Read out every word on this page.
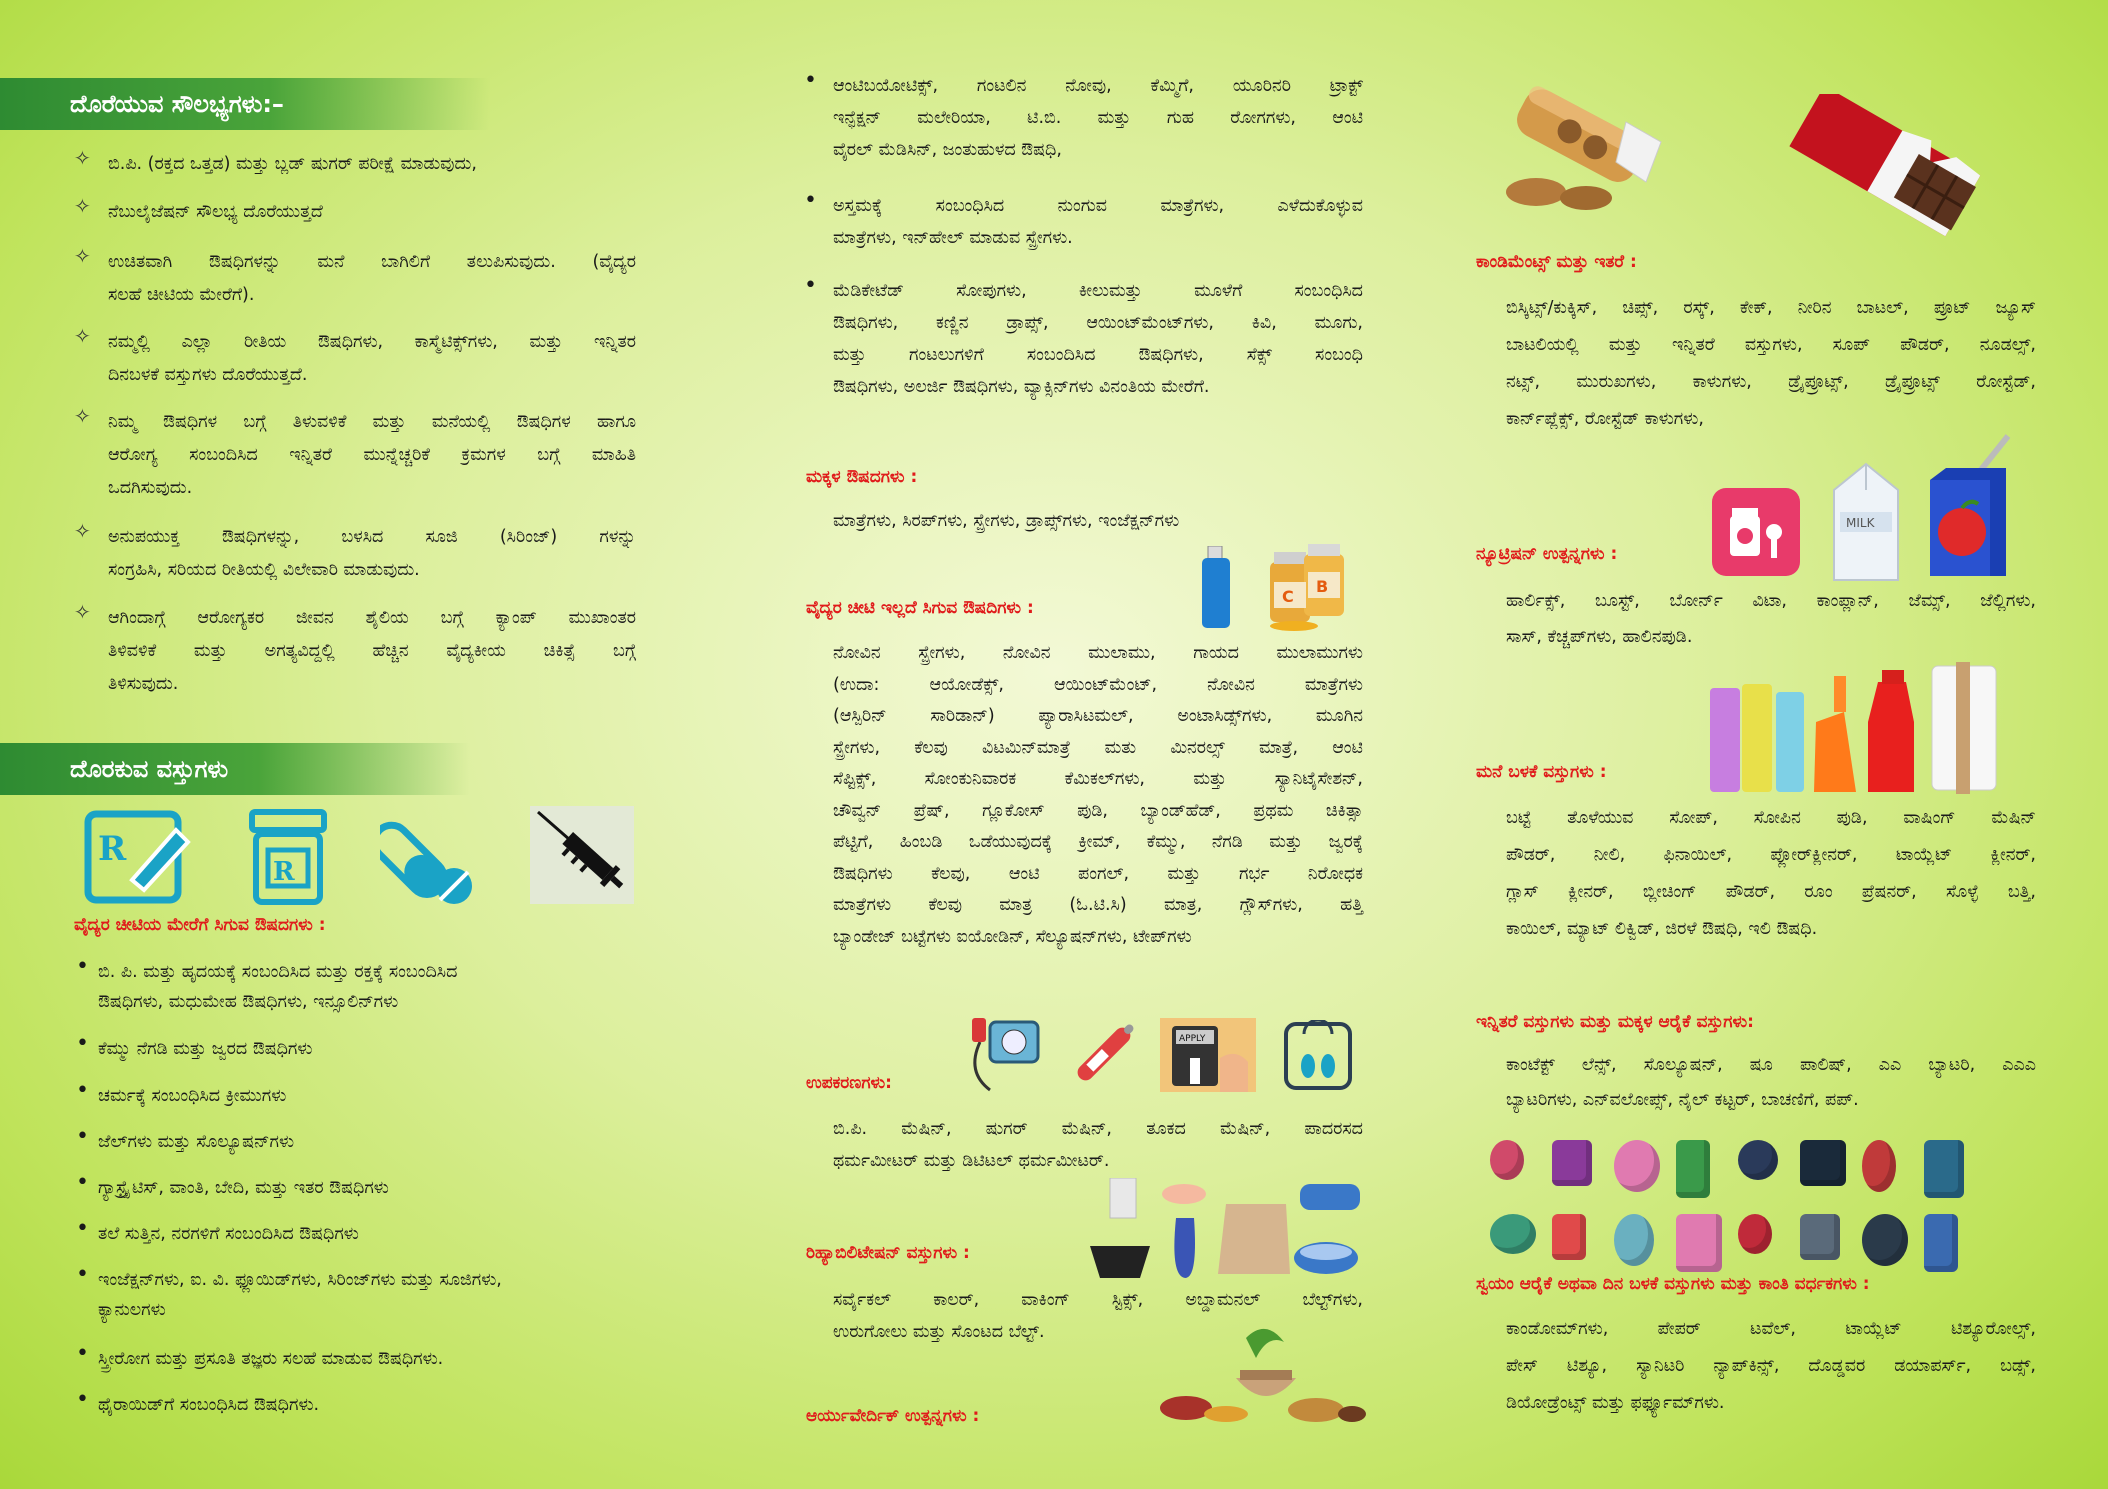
ದೊರೆಯುವ ಸೌಲಭ್ಯಗಳು:–
✧ ಬಿ.ಪಿ. (ರಕ್ತದ ಒತ್ತಡ) ಮತ್ತು ಬ್ಲಡ್ ಷುಗರ್ ಪರೀಕ್ಷೆ ಮಾಡುವುದು,
✧ ನೆಬುಲೈಜೆಷನ್ ಸೌಲಭ್ಯ ದೊರೆಯುತ್ತದೆ
✧ ಉಚಿತವಾಗಿ ಔಷಧಿಗಳನ್ನು ಮನೆ ಬಾಗಿಲಿಗೆ ತಲುಪಿಸುವುದು. (ವೈದ್ಯರ
ಸಲಹೆ ಚೀಟಿಯ ಮೇರೆಗೆ).
✧ ನಮ್ಮಲ್ಲಿ ಎಲ್ಲಾ ರೀತಿಯ ಔಷಧಿಗಳು, ಕಾಸ್ಮೆಟಿಕ್ಸ್‌ಗಳು, ಮತ್ತು ಇನ್ನಿತರ
ದಿನಬಳಕೆ ವಸ್ತುಗಳು ದೊರೆಯುತ್ತದೆ.
✧ ನಿಮ್ಮ ಔಷಧಿಗಳ ಬಗ್ಗೆ ತಿಳುವಳಿಕೆ ಮತ್ತು ಮನೆಯಲ್ಲಿ ಔಷಧಿಗಳ ಹಾಗೂ
ಆರೋಗ್ಯ ಸಂಬಂದಿಸಿದ ಇನ್ನಿತರೆ ಮುನ್ನೆಚ್ಚರಿಕೆ ಕ್ರಮಗಳ ಬಗ್ಗೆ ಮಾಹಿತಿ
ಒದಗಿಸುವುದು.
✧ ಅನುಪಯುಕ್ತ ಔಷಧಿಗಳನ್ನು, ಬಳಸಿದ ಸೂಜಿ (ಸಿರಿಂಜ್) ಗಳನ್ನು
ಸಂಗ್ರಹಿಸಿ, ಸರಿಯದ ರೀತಿಯಲ್ಲಿ ವಿಲೇವಾರಿ ಮಾಡುವುದು.
✧ ಆಗಿಂದಾಗ್ಗೆ ಆರೋಗ್ಯಕರ ಜೀವನ ಶೈಲಿಯ ಬಗ್ಗೆ ಕ್ಯಾಂಪ್ ಮುಖಾಂತರ
ತಿಳಿವಳಿಕೆ ಮತ್ತು ಅಗತ್ಯವಿದ್ದಲ್ಲಿ ಹೆಚ್ಚಿನ ವೈದ್ಯಕೀಯ ಚಿಕಿತ್ಸೆ ಬಗ್ಗೆ
ತಿಳಿಸುವುದು.
ದೊರಕುವ ವಸ್ತುಗಳು
R
R
ವೈದ್ಯರ ಚೀಟಿಯ ಮೇರೆಗೆ ಸಿಗುವ ಔಷದಗಳು :
• ಬಿ. ಪಿ. ಮತ್ತು ಹೃದಯಕ್ಕೆ ಸಂಬಂದಿಸಿದ ಮತ್ತು ರಕ್ತಕ್ಕೆ ಸಂಬಂದಿಸಿದ
ಔಷಧಿಗಳು, ಮಧುಮೇಹ ಔಷಧಿಗಳು, ಇನ್ಸೂಲಿನ್‌ಗಳು
• ಕೆಮ್ಮು ನೆಗಡಿ ಮತ್ತು ಜ್ವರದ ಔಷಧಿಗಳು
• ಚರ್ಮಕ್ಕೆ ಸಂಬಂಧಿಸಿದ ಕ್ರೀಮುಗಳು
• ಜೆಲ್‌ಗಳು ಮತ್ತು ಸೊಲ್ಯೂಷನ್‌ಗಳು
• ಗ್ಯಾಸ್ಟ್ರೈಟಿಸ್, ವಾಂತಿ, ಬೇದಿ, ಮತ್ತು ಇತರ ಔಷಧಿಗಳು
• ತಲೆ ಸುತ್ತಿನ, ನರಗಳಿಗೆ ಸಂಬಂದಿಸಿದ ಔಷಧಿಗಳು
• ಇಂಜೆಕ್ಷನ್‌ಗಳು, ಐ. ವಿ. ಫ್ಲೂಯಿಡ್‌ಗಳು, ಸಿರಿಂಜ್‌ಗಳು ಮತ್ತು ಸೂಜಿಗಳು,
ಕ್ಯಾನುಲಗಳು
• ಸ್ತ್ರೀರೋಗ ಮತ್ತು ಪ್ರಸೂತಿ ತಜ್ಞರು ಸಲಹೆ ಮಾಡುವ ಔಷಧಿಗಳು.
• ಥೈರಾಯಿಡ್‌ಗೆ ಸಂಬಂಧಿಸಿದ ಔಷಧಿಗಳು.
• ಆಂಟಿಬಯೋಟಿಕ್ಸ್, ಗಂಟಲಿನ ನೋವು, ಕೆಮ್ಮಿಗೆ, ಯೂರಿನರಿ ಟ್ರಾಕ್ಟ್
ಇನ್ಫೆಕ್ಷನ್ ಮಲೇರಿಯಾ, ಟಿ.ಬಿ. ಮತ್ತು ಗುಹ ರೋಗಗಳು, ಆಂಟಿ
ವೈರಲ್ ಮೆಡಿಸಿನ್, ಜಂತುಹುಳದ ಔಷಧಿ,
• ಅಸ್ತಮಕ್ಕೆ ಸಂಬಂಧಿಸಿದ ನುಂಗುವ ಮಾತ್ರೆಗಳು, ಎಳೆದುಕೊಳ್ಳುವ
ಮಾತ್ರೆಗಳು, ಇನ್‌ಹೇಲ್ ಮಾಡುವ ಸ್ಪ್ರೇಗಳು.
• ಮೆಡಿಕೇಟೆಡ್ ಸೋಪುಗಳು, ಕೀಲುಮತ್ತು ಮೂಳೆಗೆ ಸಂಬಂಧಿಸಿದ
ಔಷಧಿಗಳು, ಕಣ್ಣಿನ ಡ್ರಾಪ್ಸ್, ಆಯಿಂಟ್‌ಮೆಂಟ್‌ಗಳು, ಕಿವಿ, ಮೂಗು,
ಮತ್ತು ಗಂಟಲುಗಳಿಗೆ ಸಂಬಂದಿಸಿದ ಔಷಧಿಗಳು, ಸೆಕ್ಸ್ ಸಂಬಂಧಿ
ಔಷಧಿಗಳು, ಅಲರ್ಜಿ ಔಷಧಿಗಳು, ವ್ಯಾಕ್ಸಿನ್‌ಗಳು ವಿನಂತಿಯ ಮೇರೆಗೆ.
ಮಕ್ಕಳ ಔಷದಗಳು :
ಮಾತ್ರೆಗಳು, ಸಿರಪ್‌ಗಳು, ಸ್ಪ್ರೇಗಳು, ಡ್ರಾಪ್ಸ್‌ಗಳು, ಇಂಜೆಕ್ಷನ್‌ಗಳು
C
B
ವೈದ್ಯರ ಚೀಟಿ ಇಲ್ಲದೆ ಸಿಗುವ ಔಷದಿಗಳು :
ನೋವಿನ ಸ್ಪ್ರೇಗಳು, ನೋವಿನ ಮುಲಾಮು, ಗಾಯದ ಮುಲಾಮುಗಳು
(ಉದಾ: ಆಯೋಡೆಕ್ಸ್, ಆಯಿಂಟ್‌ಮೆಂಟ್, ನೋವಿನ ಮಾತ್ರೆಗಳು
(ಆಸ್ಪಿರಿನ್ ಸಾರಿಡಾನ್) ಪ್ಯಾರಾಸಿಟಮಲ್, ಅಂಟಾಸಿಡ್ಸ್‌ಗಳು, ಮೂಗಿನ
ಸ್ಪ್ರೇಗಳು, ಕೆಲವು ವಿಟಮಿನ್‌ಮಾತ್ರೆ ಮತು ಮಿನರಲ್ಸ್ ಮಾತ್ರೆ, ಆಂಟಿ
ಸೆಪ್ಟಿಕ್ಸ್, ಸೋಂಕುನಿವಾರಕ ಕೆಮಿಕಲ್‌ಗಳು, ಮತ್ತು ಸ್ಯಾನಿಟೈಸೇಶನ್,
ಚೌವ್ವನ್ ಪ್ರೆಷ್, ಗ್ಲೂಕೋಸ್ ಪುಡಿ, ಬ್ಯಾಂಡ್‌ಹೆಡ್, ಪ್ರಥಮ ಚಿಕಿತ್ಸಾ
ಪೆಟ್ಟಿಗೆ, ಹಿಂಬಡಿ ಒಡೆಯುವುದಕ್ಕೆ ಕ್ರೀಮ್, ಕೆಮ್ಮು, ನೆಗಡಿ ಮತ್ತು ಜ್ವರಕ್ಕೆ
ಔಷಧಿಗಳು ಕೆಲವು, ಆಂಟಿ ಪಂಗಲ್, ಮತ್ತು ಗರ್ಭ ನಿರೋಧಕ
ಮಾತ್ರೆಗಳು ಕೆಲವು ಮಾತ್ರ (ಓ.ಟಿ.ಸಿ) ಮಾತ್ರ, ಗ್ಲೌಸ್‌ಗಳು, ಹತ್ತಿ
ಬ್ಯಾಂಡೇಜ್ ಬಟ್ಟೆಗಳು ಐಯೋಡಿನ್, ಸೆಲ್ಯೂಷನ್‌ಗಳು, ಟೇಪ್‌ಗಳು
APPLY
ಉಪಕರಣಗಳು:
ಬಿ.ಪಿ. ಮೆಷಿನ್, ಷುಗರ್ ಮೆಷಿನ್, ತೂಕದ ಮೆಷಿನ್, ಪಾದರಸದ
ಥರ್ಮಮೀಟರ್ ಮತ್ತು ಡಿಟಿಟಲ್ ಥರ್ಮಮೀಟರ್.
ರಿಹ್ಯಾಬಿಲಿಟೇಷನ್ ವಸ್ತುಗಳು :
ಸರ್ವೈಕಲ್ ಕಾಲರ್, ವಾಕಿಂಗ್ ಸ್ಟಿಕ್ಸ್, ಅಬ್ಡಾಮನಲ್ ಬೆಲ್ಟ್‌ಗಳು,
ಉರುಗೋಲು ಮತ್ತು ಸೊಂಟದ ಬೆಲ್ಟ್.
ಆರ್ಯುವೇರ್ದಿಕ್ ಉತ್ಪನ್ನಗಳು :
ಕಾಂಡಿಮೆಂಟ್ಸ್ ಮತ್ತು ಇತರೆ :
ಬಿಸ್ಕಿಟ್ಸ್/ಕುಕ್ಕಿಸ್, ಚಿಪ್ಸ್, ರಸ್ಕ್, ಕೇಕ್, ನೀರಿನ ಬಾಟಲ್, ಪ್ರೂಟ್ ಜ್ಯೂಸ್
ಬಾಟಲಿಯಲ್ಲಿ ಮತ್ತು ಇನ್ನಿತರೆ ವಸ್ತುಗಳು, ಸೂಪ್ ಪೌಡರ್, ನೂಡಲ್ಸ್,
ನಟ್ಸ್, ಮುರುಖಗಳು, ಕಾಳುಗಳು, ಡ್ರೈಪ್ರೂಟ್ಸ್, ಡ್ರೈಪ್ರೂಟ್ಸ್ ರೋಸ್ಟೆಡ್,
ಕಾರ್ನ್‌ಪ್ಲೆಕ್ಸ್, ರೋಸ್ಟೆಡ್ ಕಾಳುಗಳು,
MILK
ನ್ಯೂಟ್ರಿಷನ್ ಉತ್ಪನ್ನಗಳು :
ಹಾರ್ಲಿಕ್ಸ್, ಬೂಸ್ಟ್, ಬೋರ್ನ್ ವಿಟಾ, ಕಾಂಪ್ಲಾನ್, ಜೆಮ್ಸ್, ಜೆಲ್ಲಿಗಳು,
ಸಾಸ್, ಕೆಚ್ಚಪ್‌ಗಳು, ಹಾಲಿನಪುಡಿ.
ಮನೆ ಬಳಕೆ ವಸ್ತುಗಳು :
ಬಟ್ಟೆ ತೊಳೆಯುವ ಸೋಪ್, ಸೋಪಿನ ಪುಡಿ, ವಾಷಿಂಗ್ ಮೆಷಿನ್
ಪೌಡರ್, ನೀಲಿ, ಫಿನಾಯಿಲ್, ಪ್ಲೋರ್‌ಕ್ಲೀನರ್, ಟಾಯ್ಲೆಟ್ ಕ್ಲೀನರ್,
ಗ್ಲಾಸ್ ಕ್ಲೀನರ್, ಬ್ಲೀಚಿಂಗ್ ಪೌಡರ್, ರೂಂ ಪ್ರೆಷನರ್, ಸೊಳ್ಳೆ ಬತ್ತಿ,
ಕಾಯಿಲ್, ಮ್ಯಾಟ್ ಲಿಕ್ವಿಡ್, ಜಿರಳೆ ಔಷಧಿ, ಇಲಿ ಔಷಧಿ.
ಇನ್ನಿತರೆ ವಸ್ತುಗಳು ಮತ್ತು ಮಕ್ಕಳ ಆರೈಕೆ ವಸ್ತುಗಳು:
ಕಾಂಟೆಕ್ಟ್ ಲೆನ್ಸ್, ಸೊಲ್ಯೂಷನ್, ಷೂ ಪಾಲಿಷ್, ಎಎ ಬ್ಯಾಟರಿ, ಎಎಎ
ಬ್ಯಾಟರಿಗಳು, ಎನ್‌ವಲೋಪ್ಸ್, ನೈಲ್ ಕಟ್ಟರ್, ಬಾಚಣಿಗೆ, ಪಪ್.
ಸ್ವಯಂ ಆರೈಕೆ ಅಥವಾ ದಿನ ಬಳಕೆ ವಸ್ತುಗಳು ಮತ್ತು ಕಾಂತಿ ವರ್ಧಕಗಳು :
ಕಾಂಡೋಮ್‌ಗಳು, ಪೇಪರ್ ಟವೆಲ್, ಟಾಯ್ಲೆಟ್ ಟಿಶ್ಯೂರೋಲ್ಸ್,
ಪೇಸ್ ಟಿಶ್ಯೂ, ಸ್ಯಾನಿಟರಿ ನ್ಯಾಪ್‌ಕಿನ್ಸ್, ದೊಡ್ಡವರ ಡಯಾಪರ್ಸ್, ಬಡ್ಸ್,
ಡಿಯೋಡ್ರೆಂಟ್ಸ್ ಮತ್ತು ಫರ್ಫ್ಯೂಮ್‌ಗಳು.
